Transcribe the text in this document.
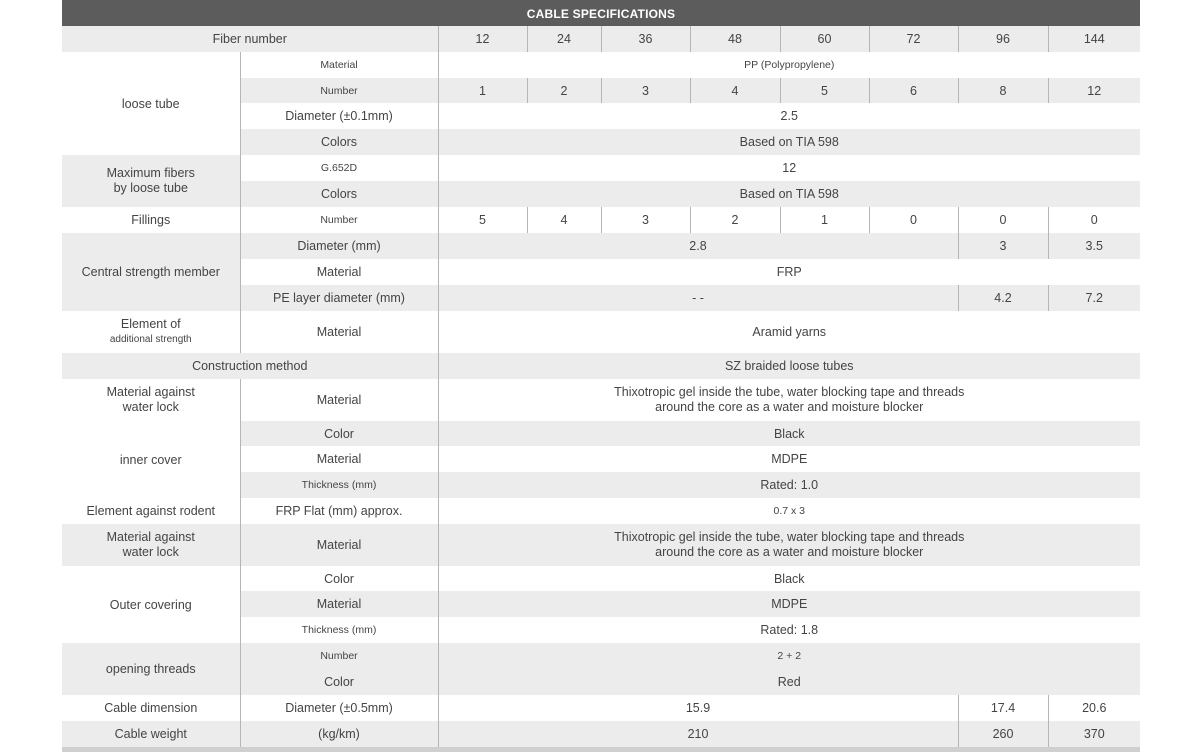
CABLE SPECIFICATIONS
Fiber number		12	24	36	48	60	72	96	144
loose tube	Material	PP (Polypropylene)							
	Number	1	2	3	4	5	6	8	12
	Diameter (±0.1mm)	2.5							
	Colors	Based on TIA 598							

Maximum fibers
by loose tube	G.652D	12							
	Colors	Based on TIA 598							
Fillings	Number	5	4	3	2	1	0	0	0
Central strength member	Diameter (mm)	2.8						3	3.5
	Material	FRP							
	PE layer diameter (mm)	- -						4.2	7.2

Element of
additional strength	Material	Aramid yarns							
Construction method		SZ braided loose tubes							

Material against
water lock	Material	Thixotropic gel inside the tube, water blocking tape and threads
around the core as a water and moisture blocker							

inner cover	Color	Black							
	Material	MDPE							
	Thickness (mm)	Rated: 1.0							
Element against rodent	FRP Flat (mm) approx.	0.7 x 3							

Material against
water lock	Material	Thixotropic gel inside the tube, water blocking tape and threads
around the core as a water and moisture blocker							

Outer covering	Color	Black							
	Material	MDPE							
	Thickness (mm)	Rated: 1.8							
opening threads	Number	2 + 2							
	Color	Red							
Cable dimension	Diameter (±0.5mm)	15.9						17.4	20.6
Cable weight	(kg/km)	210						260	370
